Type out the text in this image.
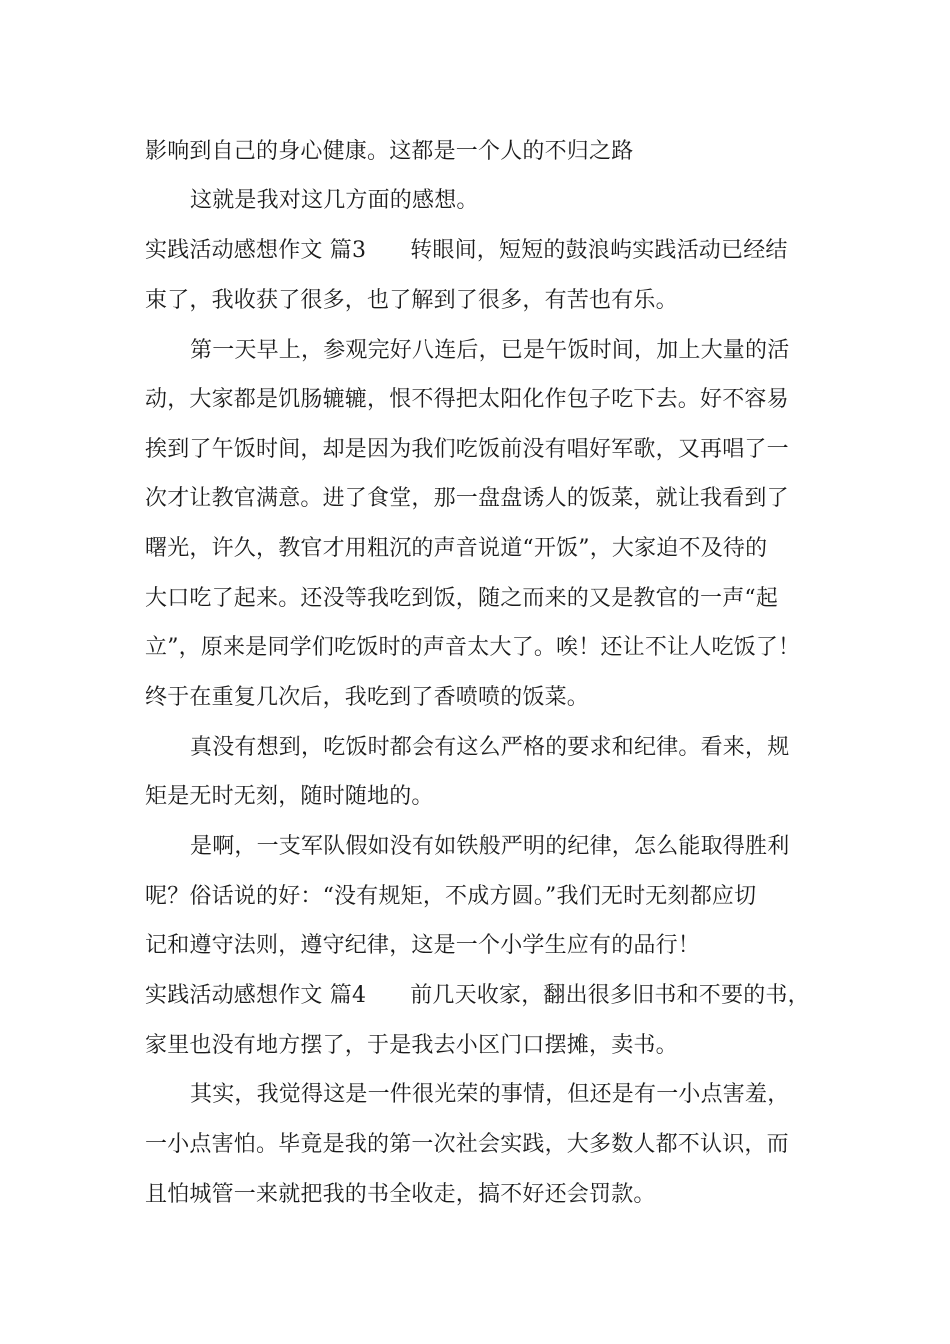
影响到自己的身心健康。这都是一个人的不归之路
这就是我对这几方面的感想。
实践活动感想作文 篇3 转眼间，短短的鼓浪屿实践活动已经结
束了，我收获了很多，也了解到了很多，有苦也有乐。
第一天早上，参观完好八连后，已是午饭时间，加上大量的活
动，大家都是饥肠辘辘，恨不得把太阳化作包子吃下去。好不容易
挨到了午饭时间，却是因为我们吃饭前没有唱好军歌，又再唱了一
次才让教官满意。进了食堂，那一盘盘诱人的饭菜，就让我看到了
曙光，许久，教官才用粗沉的声音说道“开饭”，大家迫不及待的
大口吃了起来。还没等我吃到饭，随之而来的又是教官的一声“起
立”，原来是同学们吃饭时的声音太大了。唉！还让不让人吃饭了！
终于在重复几次后，我吃到了香喷喷的饭菜。
真没有想到，吃饭时都会有这么严格的要求和纪律。看来，规
矩是无时无刻，随时随地的。
是啊，一支军队假如没有如铁般严明的纪律，怎么能取得胜利
呢？俗话说的好：“没有规矩，不成方圆。”我们无时无刻都应切
记和遵守法则，遵守纪律，这是一个小学生应有的品行！
实践活动感想作文 篇4 前几天收家，翻出很多旧书和不要的书，
家里也没有地方摆了，于是我去小区门口摆摊，卖书。
其实，我觉得这是一件很光荣的事情，但还是有一小点害羞，
一小点害怕。毕竟是我的第一次社会实践，大多数人都不认识，而
且怕城管一来就把我的书全收走，搞不好还会罚款。
